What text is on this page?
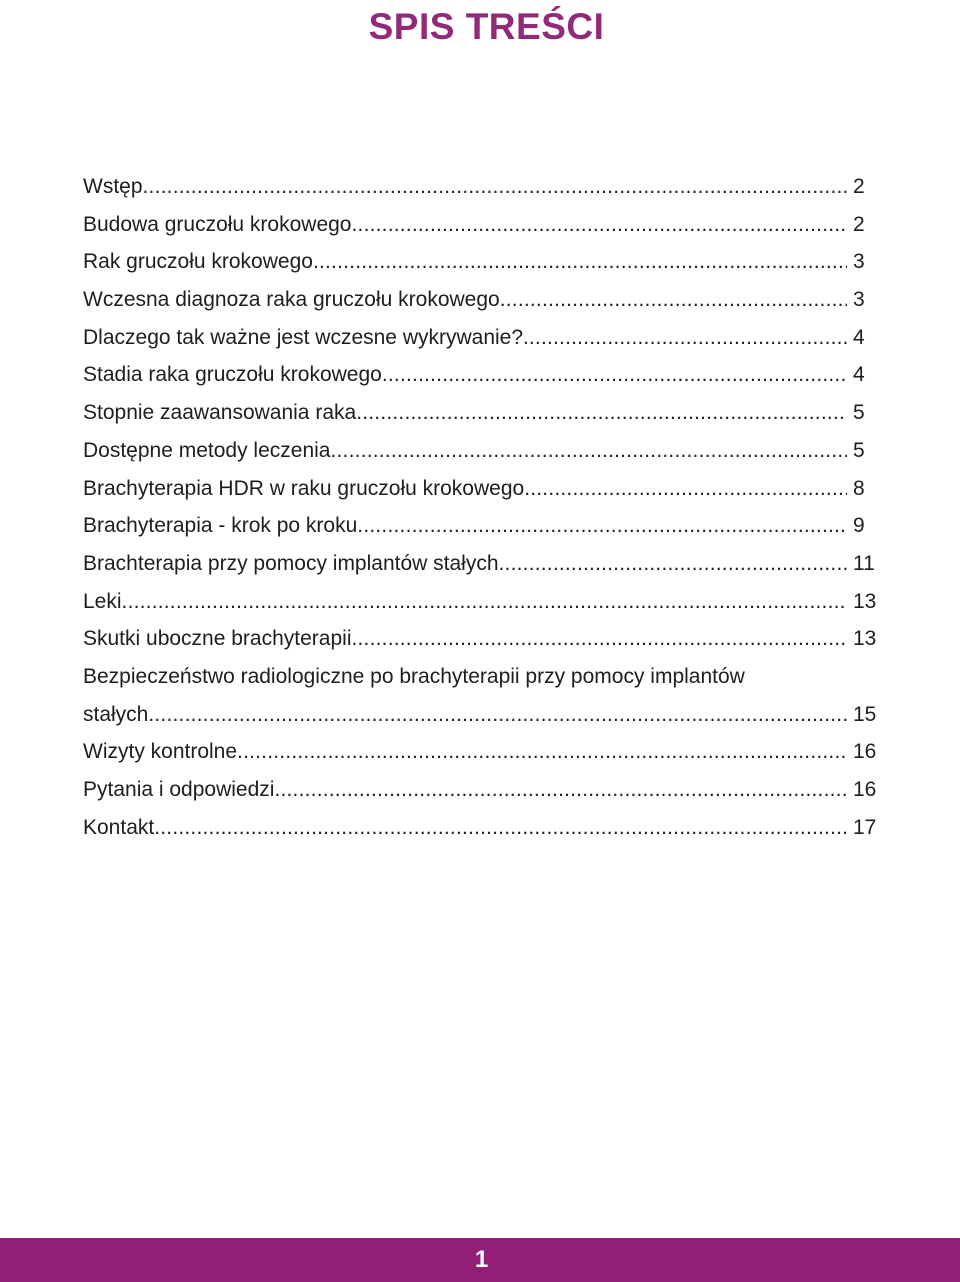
SPIS TREŚCI
Wstęp .....	2
Budowa gruczołu krokowego .....	2
Rak gruczołu krokowego .....	3
Wczesna diagnoza raka gruczołu krokowego .....	3
Dlaczego tak ważne jest wczesne wykrywanie?. .....	4
Stadia raka gruczołu krokowego .....	4
Stopnie zaawansowania raka .....	5
Dostępne metody leczenia .....	5
Brachyterapia HDR w raku gruczołu krokowego .....	8
Brachyterapia - krok po kroku .....	9
Brachterapia przy pomocy implantów stałych .....	11
Leki .....	13
Skutki uboczne brachyterapii .....	13
Bezpieczeństwo radiologiczne po brachyterapii przy pomocy implantów
stałych .....	15
Wizyty kontrolne .....	16
Pytania i odpowiedzi .....	16
Kontakt .....	17
1
